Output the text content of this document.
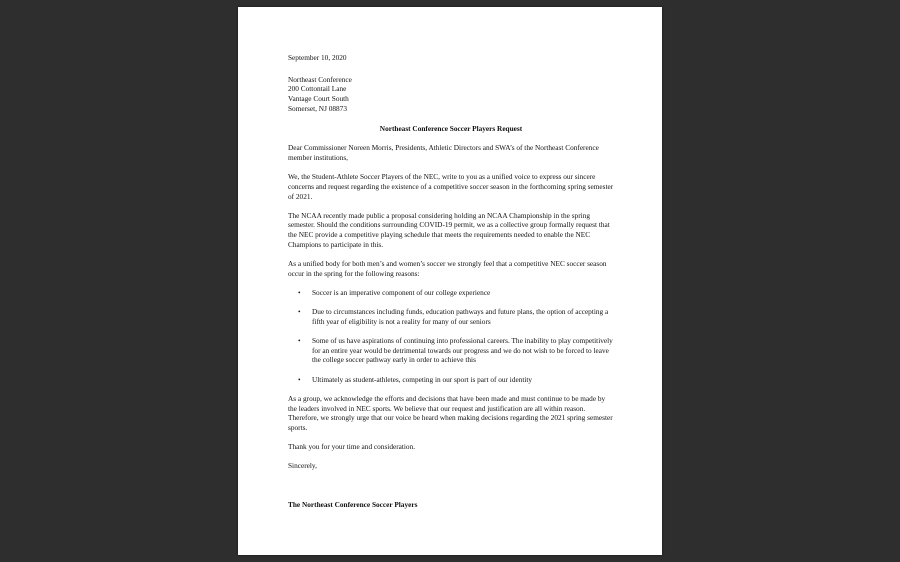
September 10, 2020

Northeast Conference
200 Cottontail Lane
Vantage Court South
Somerset, NJ 08873

Northeast Conference Soccer Players Request

Dear Commissioner Noreen Morris, Presidents, Athletic Directors and SWA’s of the Northeast Conference member institutions,

We, the Student-Athlete Soccer Players of the NEC, write to you as a unified voice to express our sincere concerns and request regarding the existence of a competitive soccer season in the forthcoming spring semester of 2021.

The NCAA recently made public a proposal considering holding an NCAA Championship in the spring semester. Should the conditions surrounding COVID-19 permit, we as a collective group formally request that the NEC provide a competitive playing schedule that meets the requirements needed to enable the NEC Champions to participate in this.

As a unified body for both men’s and women’s soccer we strongly feel that a competitive NEC soccer season occur in the spring for the following reasons:

• Soccer is an imperative component of our college experience
• Due to circumstances including funds, education pathways and future plans, the option of accepting a fifth year of eligibility is not a reality for many of our seniors
• Some of us have aspirations of continuing into professional careers. The inability to play competitively for an entire year would be detrimental towards our progress and we do not wish to be forced to leave the college soccer pathway early in order to achieve this
• Ultimately as student-athletes, competing in our sport is part of our identity

As a group, we acknowledge the efforts and decisions that have been made and must continue to be made by the leaders involved in NEC sports. We believe that our request and justification are all within reason. Therefore, we strongly urge that our voice be heard when making decisions regarding the 2021 spring semester sports.

Thank you for your time and consideration.

Sincerely,

The Northeast Conference Soccer Players
